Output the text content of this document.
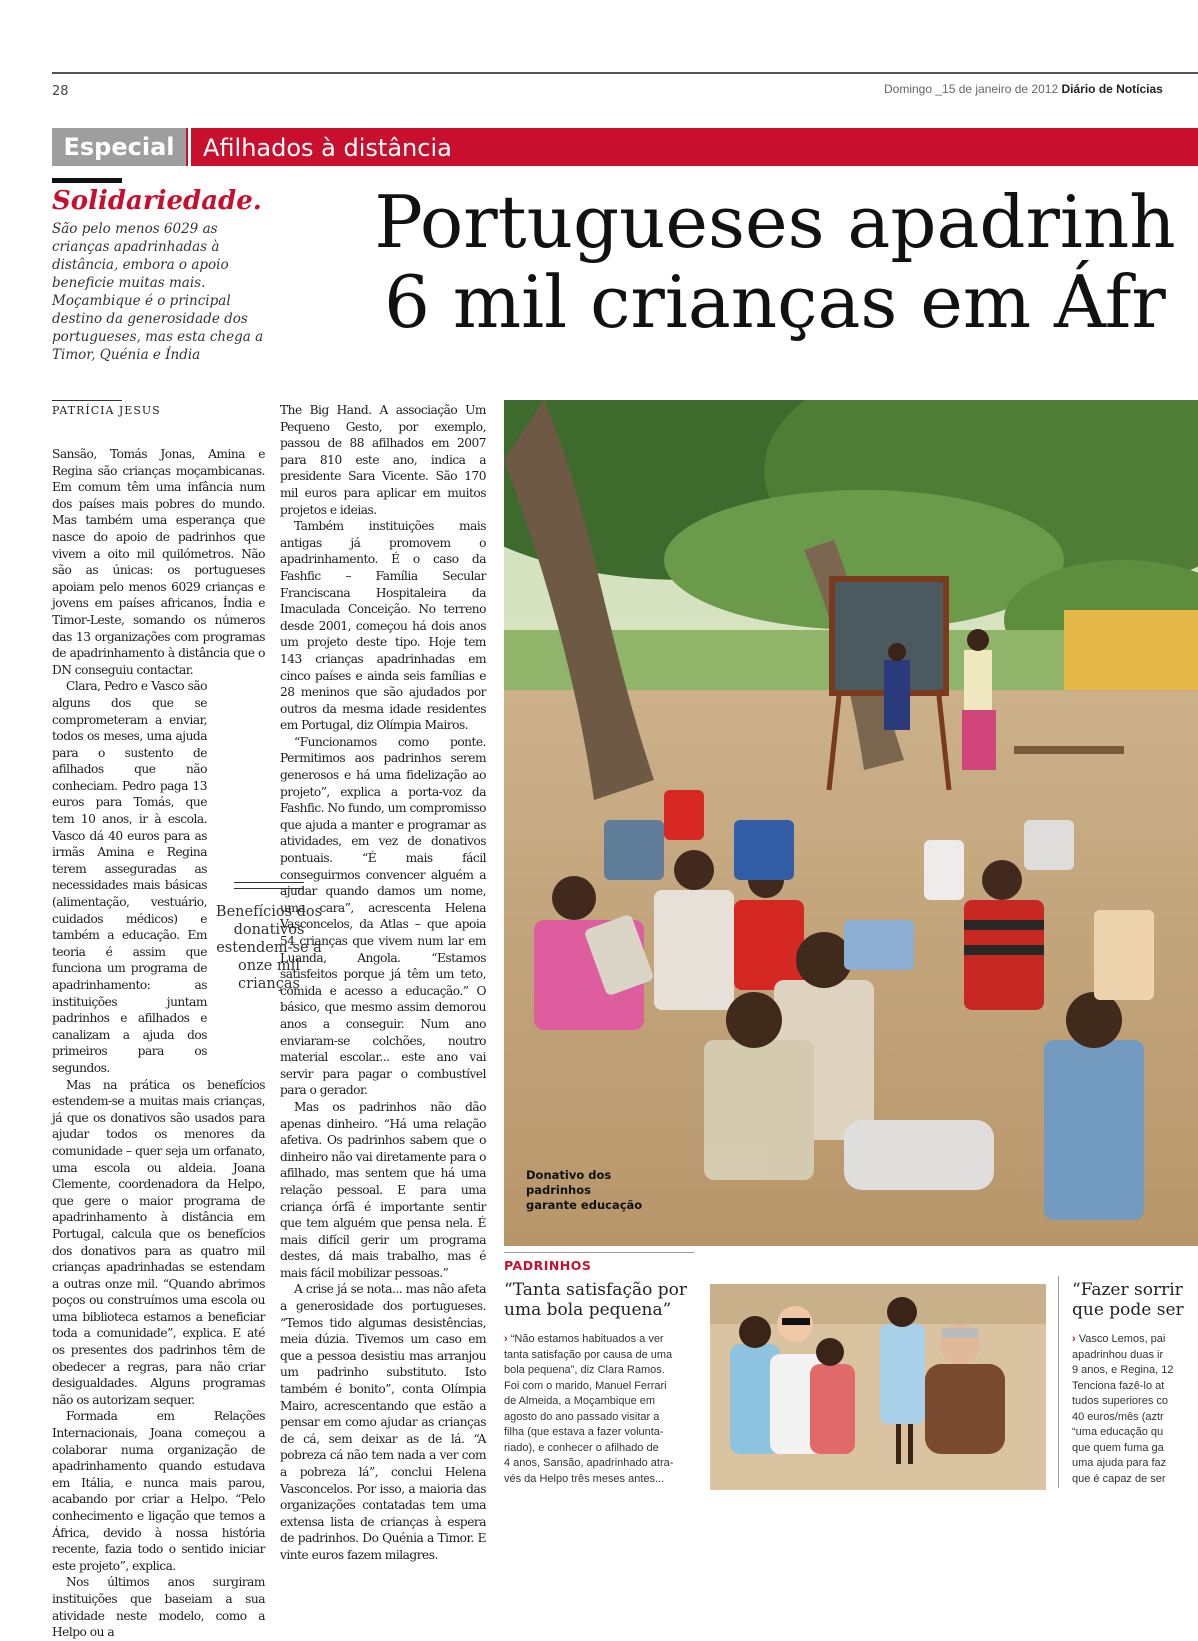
28	Domingo _15 de janeiro de 2012 Diário de Notícias
Especial	Afilhados à distância
Solidariedade.
São pelo menos 6029 as
crianças apadrinhadas à
distância, embora o apoio
beneficie muitas mais.
Moçambique é o principal
destino da generosidade dos
portugueses, mas esta chega a
Timor, Quénia e Índia
Portugueses apadrinh
6 mil crianças em Áfr
PATRÍCIA JESUS

Sansão, Tomás Jonas, Amina e Regina são crianças moçambicanas. Em comum têm uma infância num dos países mais pobres do mundo. Mas também uma esperança que nasce do apoio de padrinhos que vivem a oito mil quilómetros. Não são as únicas: os portugueses apoiam pelo menos 6029 crianças e jovens em países africanos, Índia e Timor-Leste, somando os números das 13 organizações com programas de apadrinhamento à distância que o DN conseguiu contactar.

Clara, Pedro e Vasco são alguns dos que se comprometeram a enviar, todos os meses, uma ajuda para o sustento de afilhados que não conheciam. Pedro paga 13 euros para Tomás, que tem 10 anos, ir à escola. Vasco dá 40 euros para as irmãs Amina e Regina terem asseguradas as necessidades mais básicas (alimentação, vestuário, cuidados médicos) e também a educação. Em teoria é assim que funciona um programa de apadrinhamento: as instituições juntam padrinhos e afilhados e canalizam a ajuda dos primeiros para os segundos.

Mas na prática os benefícios estendem-se a muitas mais crianças, já que os donativos são usados para ajudar todos os menores da comunidade – quer seja um orfanato, uma escola ou aldeia. Joana Clemente, coordenadora da Helpo, que gere o maior programa de apadrinhamento à distância em Portugal, calcula que os benefícios dos donativos para as quatro mil crianças apadrinhadas se estendam a outras onze mil. “Quando abrimos poços ou construímos uma escola ou uma biblioteca estamos a beneficiar toda a comunidade”, explica. E até os presentes dos padrinhos têm de obedecer a regras, para não criar desigualdades. Alguns programas não os autorizam sequer.

Formada em Relações Internacionais, Joana começou a colaborar numa organização de apadrinhamento quando estudava em Itália, e nunca mais parou, acabando por criar a Helpo. “Pelo conhecimento e ligação que temos a África, devido à nossa história recente, fazia todo o sentido iniciar este projeto”, explica.

Nos últimos anos surgiram instituições que baseiam a sua atividade neste modelo, como a Helpo ou a

The Big Hand. A associação Um Pequeno Gesto, por exemplo, passou de 88 afilhados em 2007 para 810 este ano, indica a presidente Sara Vicente. São 170 mil euros para aplicar em muitos projetos e ideias.

Também instituições mais antigas já promovem o apadrinhamento. É o caso da Fashfic – Família Secular Franciscana Hospitaleira da Imaculada Conceição. No terreno desde 2001, começou há dois anos um projeto deste tipo. Hoje tem 143 crianças apadrinhadas em cinco países e ainda seis famílias e 28 meninos que são ajudados por outros da mesma idade residentes em Portugal, diz Olímpia Mairos.

“Funcionamos como ponte. Permitimos aos padrinhos serem generosos e há uma fidelização ao projeto”, explica a porta-voz da Fashfic. No fundo, um compromisso que ajuda a manter e programar as atividades, em vez de donativos pontuais. “É mais fácil conseguirmos convencer alguém a ajudar quando damos um nome, uma cara”, acrescenta Helena Vasconcelos, da Atlas – que apoia 54 crianças que vivem num lar em Luanda, Angola. “Estamos satisfeitos porque já têm um teto, comida e acesso a educação.” O básico, que mesmo assim demorou anos a conseguir. Num ano enviaram-se colchões, noutro material escolar... este ano vai servir para pagar o combustível para o gerador.

Mas os padrinhos não dão apenas dinheiro. “Há uma relação afetiva. Os padrinhos sabem que o dinheiro não vai diretamente para o afilhado, mas sentem que há uma relação pessoal. E para uma criança órfã é importante sentir que tem alguém que pensa nela. É mais difícil gerir um programa destes, dá mais trabalho, mas é mais fácil mobilizar pessoas.”

A crise já se nota... mas não afeta a generosidade dos portugueses. “Temos tido algumas desistências, meia dúzia. Tivemos um caso em que a pessoa desistiu mas arranjou um padrinho substituto. Isto também é bonito”, conta Olímpia Mairo, acrescentando que estão a pensar em como ajudar as crianças de cá, sem deixar as de lá. “A pobreza cá não tem nada a ver com a pobreza lá”, conclui Helena Vasconcelos. Por isso, a maioria das organizações contatadas tem uma extensa lista de crianças à espera de padrinhos. Do Quénia a Timor. E vinte euros fazem milagres.

Benefícios dos donativos estendem-se a onze mil crianças
Donativo dos
padrinhos
garante educação
PADRINHOS
“Tanta satisfação por uma bola pequena”
› “Não estamos habituados a ver
tanta satisfação por causa de uma
bola pequena”, diz Clara Ramos.
Foi com o marido, Manuel Ferrari
de Almeida, a Moçambique em
agosto do ano passado visitar a
filha (que estava a fazer volunta-
riado), e conhecer o afilhado de
4 anos, Sansão, apadrinhado atra-
vés da Helpo três meses antes...
“Fazer sorrir
que pode ser
› Vasco Lemos, pai
apadrinhou duas ir
9 anos, e Regina, 12
Tenciona fazê-lo at
tudos superiores co
40 euros/mês (aztr
“uma educação qu
que quem fuma ga
uma ajuda para faz
que é capaz de ser
